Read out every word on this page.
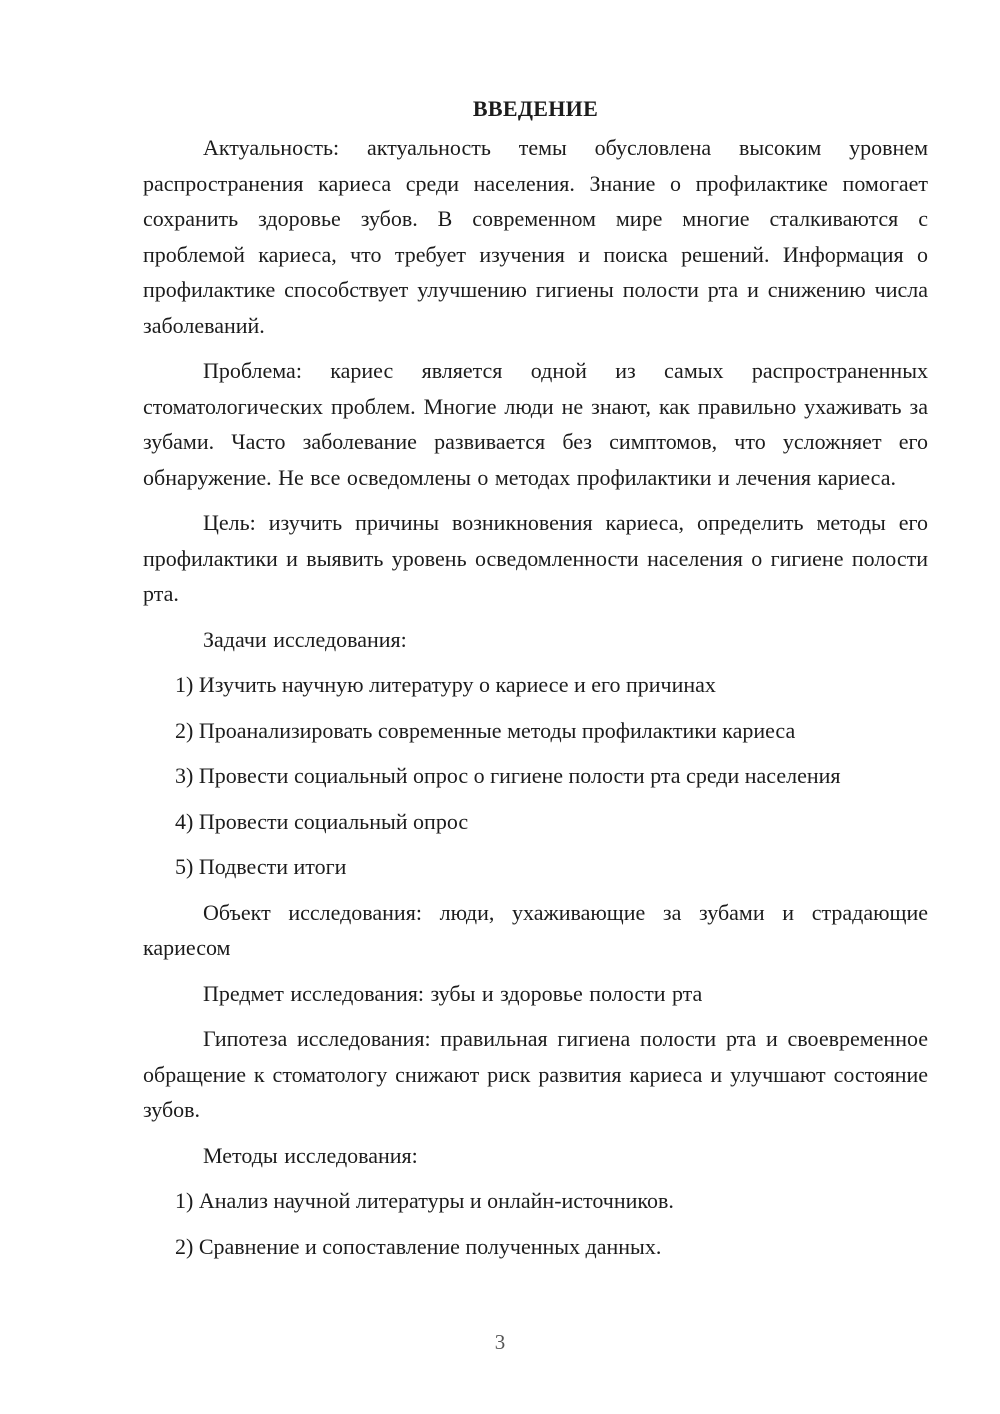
ВВЕДЕНИЕ

Актуальность: актуальность темы обусловлена высоким уровнем распространения кариеса среди населения. Знание о профилактике помогает сохранить здоровье зубов. В современном мире многие сталкиваются с проблемой кариеса, что требует изучения и поиска решений. Информация о профилактике способствует улучшению гигиены полости рта и снижению числа заболеваний.

Проблема: кариес является одной из самых распространенных стоматологических проблем. Многие люди не знают, как правильно ухаживать за зубами. Часто заболевание развивается без симптомов, что усложняет его обнаружение. Не все осведомлены о методах профилактики и лечения кариеса.

Цель: изучить причины возникновения кариеса, определить методы его профилактики и выявить уровень осведомленности населения о гигиене полости рта.

Задачи исследования:

1) Изучить научную литературу о кариесе и его причинах
2) Проанализировать современные методы профилактики кариеса
3) Провести социальный опрос о гигиене полости рта среди населения
4) Провести социальный опрос
5) Подвести итоги

Объект исследования: люди, ухаживающие за зубами и страдающие кариесом

Предмет исследования: зубы и здоровье полости рта

Гипотеза исследования: правильная гигиена полости рта и своевременное обращение к стоматологу снижают риск развития кариеса и улучшают состояние зубов.

Методы исследования:

1) Анализ научной литературы и онлайн-источников.
2) Сравнение и сопоставление полученных данных.
3
